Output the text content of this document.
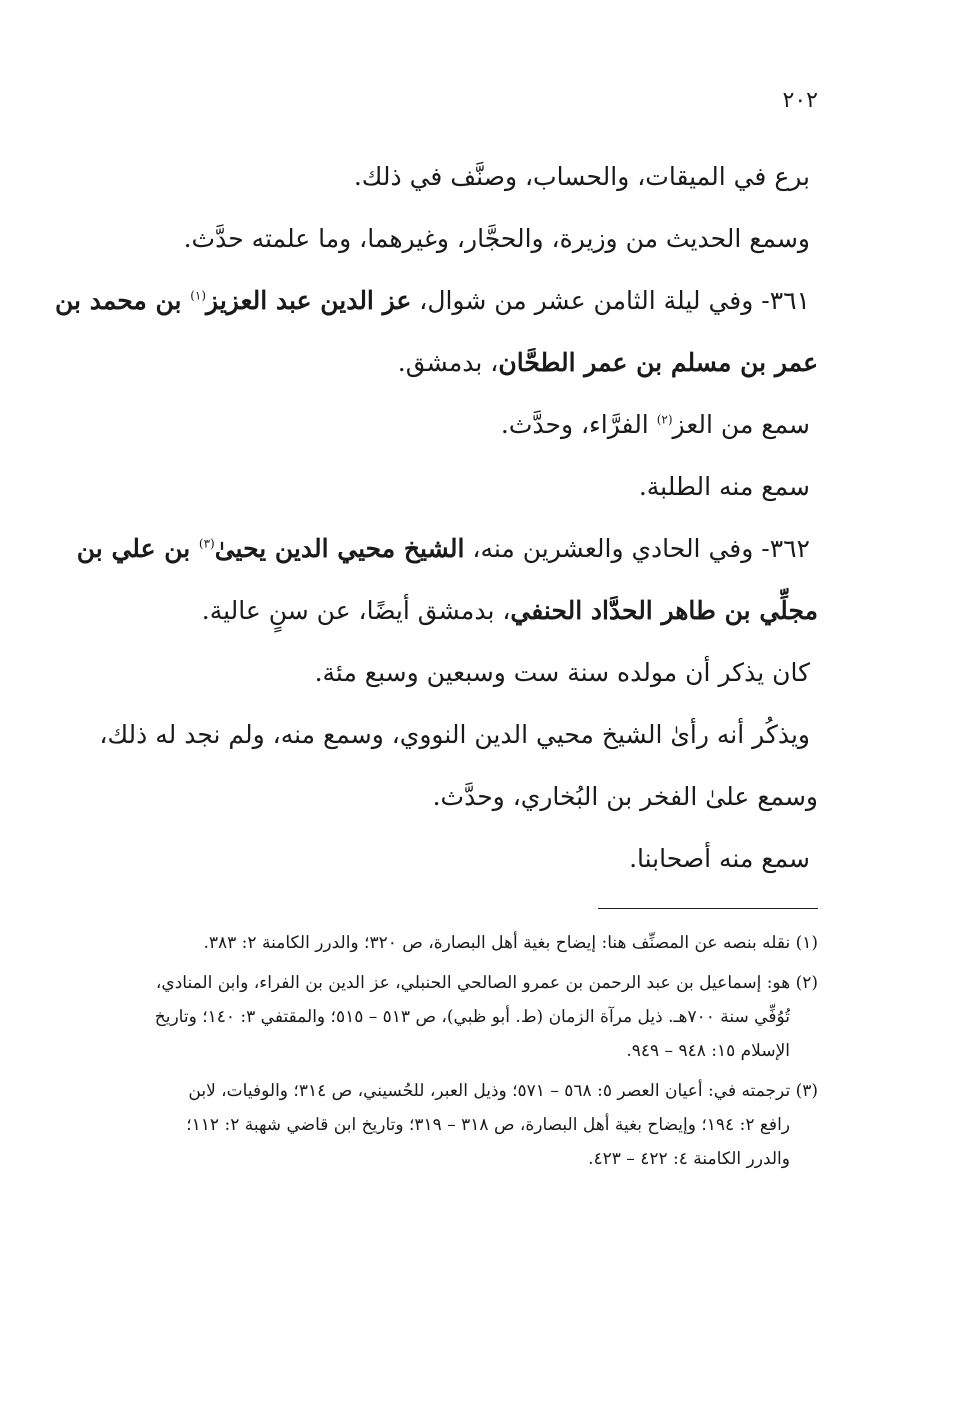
٢٠٢

برع في الميقات، والحساب، وصنَّف في ذلك.

وسمع الحديث من وزيرة، والحجَّار، وغيرهما، وما علمته حدَّث.

٣٦١- وفي ليلة الثامن عشر من شوال، عز الدين عبد العزيز$^{(١)}$ بن محمد بن

عمر بن مسلم بن عمر الطحَّان، بدمشق.

سمع من العز$^{(٢)}$ الفرَّاء، وحدَّث.

سمع منه الطلبة.

٣٦٢- وفي الحادي والعشرين منه، الشيخ محيي الدين يحيىٰ$^{(٣)}$ بن علي بن

مجلِّي بن طاهر الحدَّاد الحنفي، بدمشق أيضًا، عن سنٍ عالية.

كان يذكر أن مولده سنة ست وسبعين وسبع مئة.

ويذكُر أنه رأىٰ الشيخ محيي الدين النووي، وسمع منه، ولم نجد له ذلك،

وسمع علىٰ الفخر بن البُخاري، وحدَّث.

سمع منه أصحابنا.

(١) نقله بنصه عن المصنِّف هنا: إيضاح بغية أهل البصارة، ص ٣٢٠؛ والدرر الكامنة ٢: ٣٨٣.

(٢) هو: إسماعيل بن عبد الرحمن بن عمرو الصالحي الحنبلي، عز الدين بن الفراء، وابن المنادي،
تُوُفِّي سنة ٧٠٠هـ. ذيل مرآة الزمان (ط. أبو ظبي)، ص ٥١٣ – ٥١٥؛ والمقتفي ٣: ١٤٠؛ وتاريخ
الإسلام ١٥: ٩٤٨ – ٩٤٩.

(٣) ترجمته في: أعيان العصر ٥: ٥٦٨ – ٥٧١؛ وذيل العبر، للحُسيني، ص ٣١٤؛ والوفيات، لابن
رافع ٢: ١٩٤؛ وإيضاح بغية أهل البصارة، ص ٣١٨ – ٣١٩؛ وتاريخ ابن قاضي شهبة ٢: ١١٢؛
والدرر الكامنة ٤: ٤٢٢ – ٤٢٣.
